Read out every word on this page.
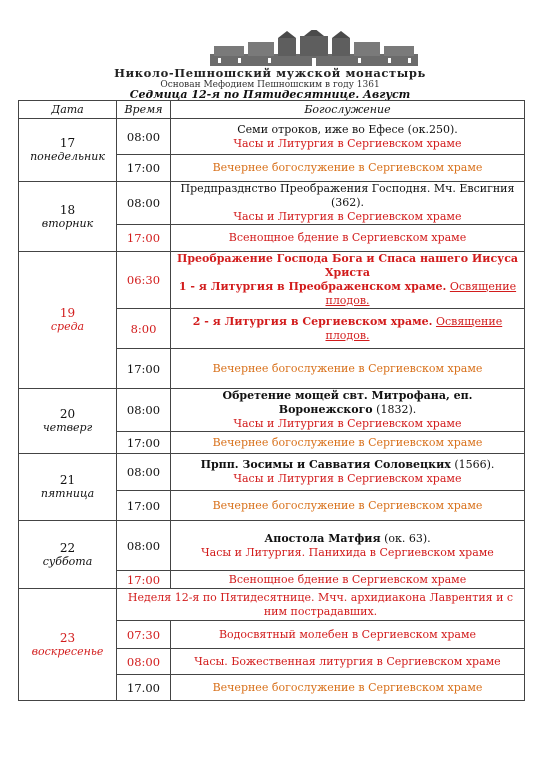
Николо-Пешношский мужской монастырь
Основан Мефодием Пешношским в году 1361
Седмица 12-я по Пятидесятнице. Август
Дата	Время	Богослужение

17
понедельник	08:00	Семи отроков, иже во Ефесе (ок.250).
Часы и Литургия в Сергиевском храме

	17:00	Вечернее богослужение в Сергиевском храме

18
вторник	08:00	Предпразднство Преображения Господня. Мч. Евсигния (362).
Часы и Литургия в Сергиевском храме

	17:00	Всенощное бдение в Сергиевском храме

19
среда	06:30	Преображение Господа Бога и Спаса нашего Иисуса Христа
1 - я Литургия в Преображенском храме. Освящение плодов.

	8:00	2 - я Литургия в Сергиевском храме. Освящение плодов.
	17:00	Вечернее богослужение в Сергиевском храме

20
четверг	08:00	Обретение мощей свт. Митрофана, еп. Воронежского (1832).
Часы и Литургия в Сергиевском храме

	17:00	Вечернее богослужение в Сергиевском храме

21
пятница	08:00	Прпп. Зосимы и Савватия Соловецких (1566).
Часы и Литургия в Сергиевском храме

	17:00	Вечернее богослужение в Сергиевском храме

22
суббота	08:00	Апостола Матфия (ок. 63).
Часы и Литургия. Панихида в Сергиевском храме

	17:00	Всенощное бдение в Сергиевском храме

23
воскресенье	Неделя 12-я по Пятидесятнице. Мчч. архидиакона Лаврентия и с ним пострадавших.	
	07:30	Водосвятный молебен в Сергиевском храме
	08:00	Часы. Божественная литургия в Сергиевском храме
	17.00	Вечернее богослужение в Сергиевском храме
